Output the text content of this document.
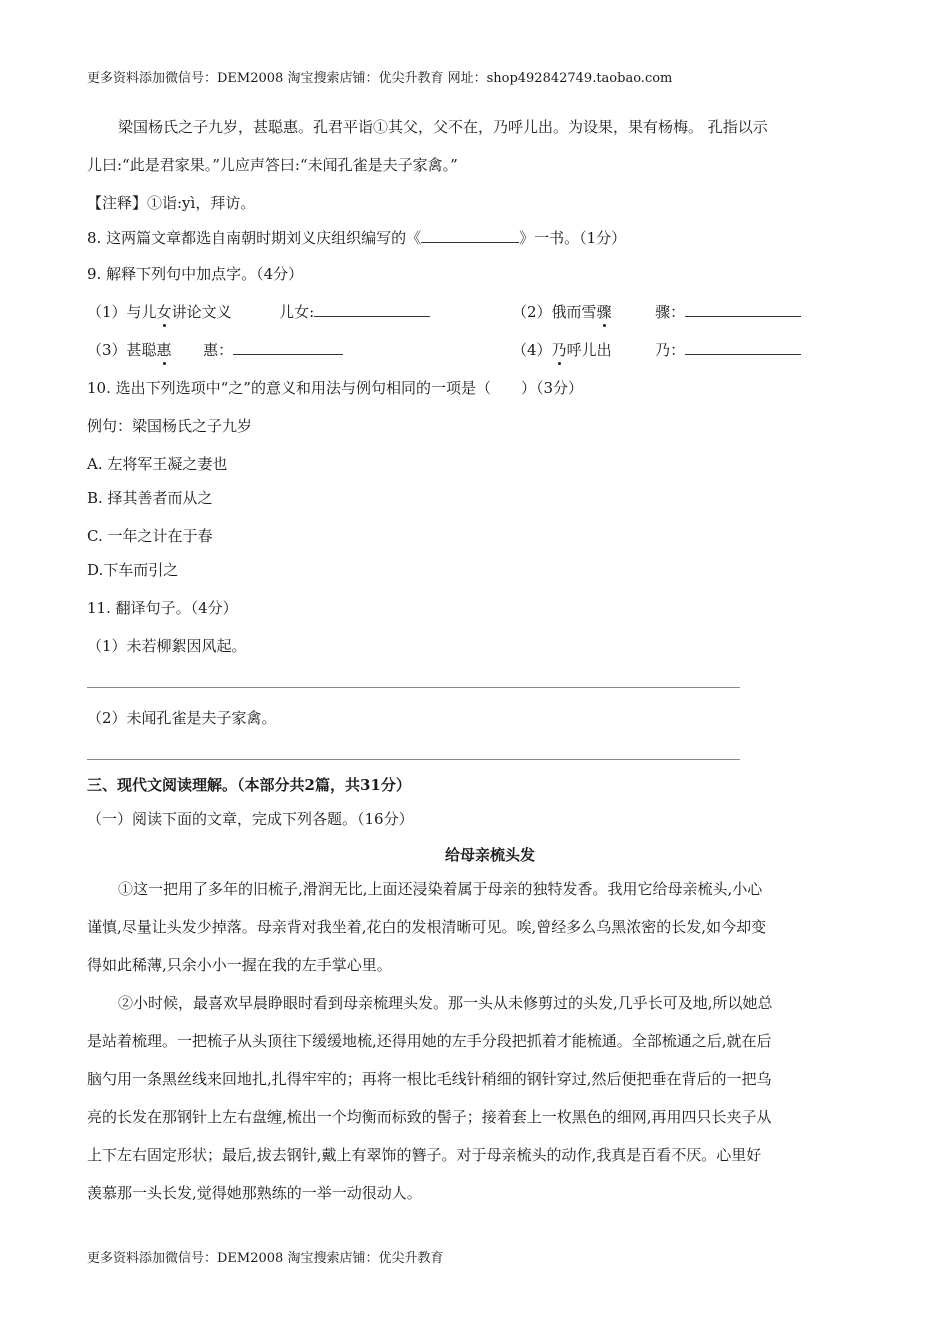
更多资料添加微信号：DEM2008 淘宝搜索店铺：优尖升教育 网址：shop492842749.taobao.com
梁国杨氏之子九岁，甚聪惠。孔君平诣①其父，父不在，乃呼儿出。为设果，果有杨梅。 孔指以示
儿曰:“此是君家果。”儿应声答曰:“未闻孔雀是夫子家禽。”
【注释】①诣:yì，拜访。
8. 这两篇文章都选自南朝时期刘义庆组织编写的《	》一书。（1分）
9. 解释下列句中加点字。（4分）
（1）与儿女讲论文义	儿女:	（2）俄而雪骤	骤：
（3）甚聪惠 惠：	（4）乃呼儿出	乃：
10. 选出下列选项中“之”的意义和用法与例句相同的一项是（　　）（3分）
例句：梁国杨氏之子九岁
A. 左将军王凝之妻也
B. 择其善者而从之
C. 一年之计在于春
D.下车而引之
11. 翻译句子。（4分）
（1）未若柳絮因风起。
（2）未闻孔雀是夫子家禽。
三、现代文阅读理解。（本部分共2篇，共31分）
（一）阅读下面的文章，完成下列各题。（16分）
给母亲梳头发
①这一把用了多年的旧梳子,滑润无比,上面还浸染着属于母亲的独特发香。我用它给母亲梳头,小心
谨慎,尽量让头发少掉落。母亲背对我坐着,花白的发根清晰可见。唉,曾经多么乌黑浓密的长发,如今却变
得如此稀薄,只余小小一握在我的左手掌心里。
②小时候，最喜欢早晨睁眼时看到母亲梳理头发。那一头从未修剪过的头发,几乎长可及地,所以她总
是站着梳理。一把梳子从头顶往下缓缓地梳,还得用她的左手分段把抓着才能梳通。全部梳通之后,就在后
脑勺用一条黑丝线来回地扎,扎得牢牢的；再将一根比毛线针稍细的钢针穿过,然后便把垂在背后的一把乌
亮的长发在那钢针上左右盘缠,梳出一个均衡而标致的髻子；接着套上一枚黑色的细网,再用四只长夹子从
上下左右固定形状；最后,拔去钢针,戴上有翠饰的簪子。对于母亲梳头的动作,我真是百看不厌。心里好
羡慕那一头长发,觉得她那熟练的一举一动很动人。
更多资料添加微信号：DEM2008 淘宝搜索店铺：优尖升教育
